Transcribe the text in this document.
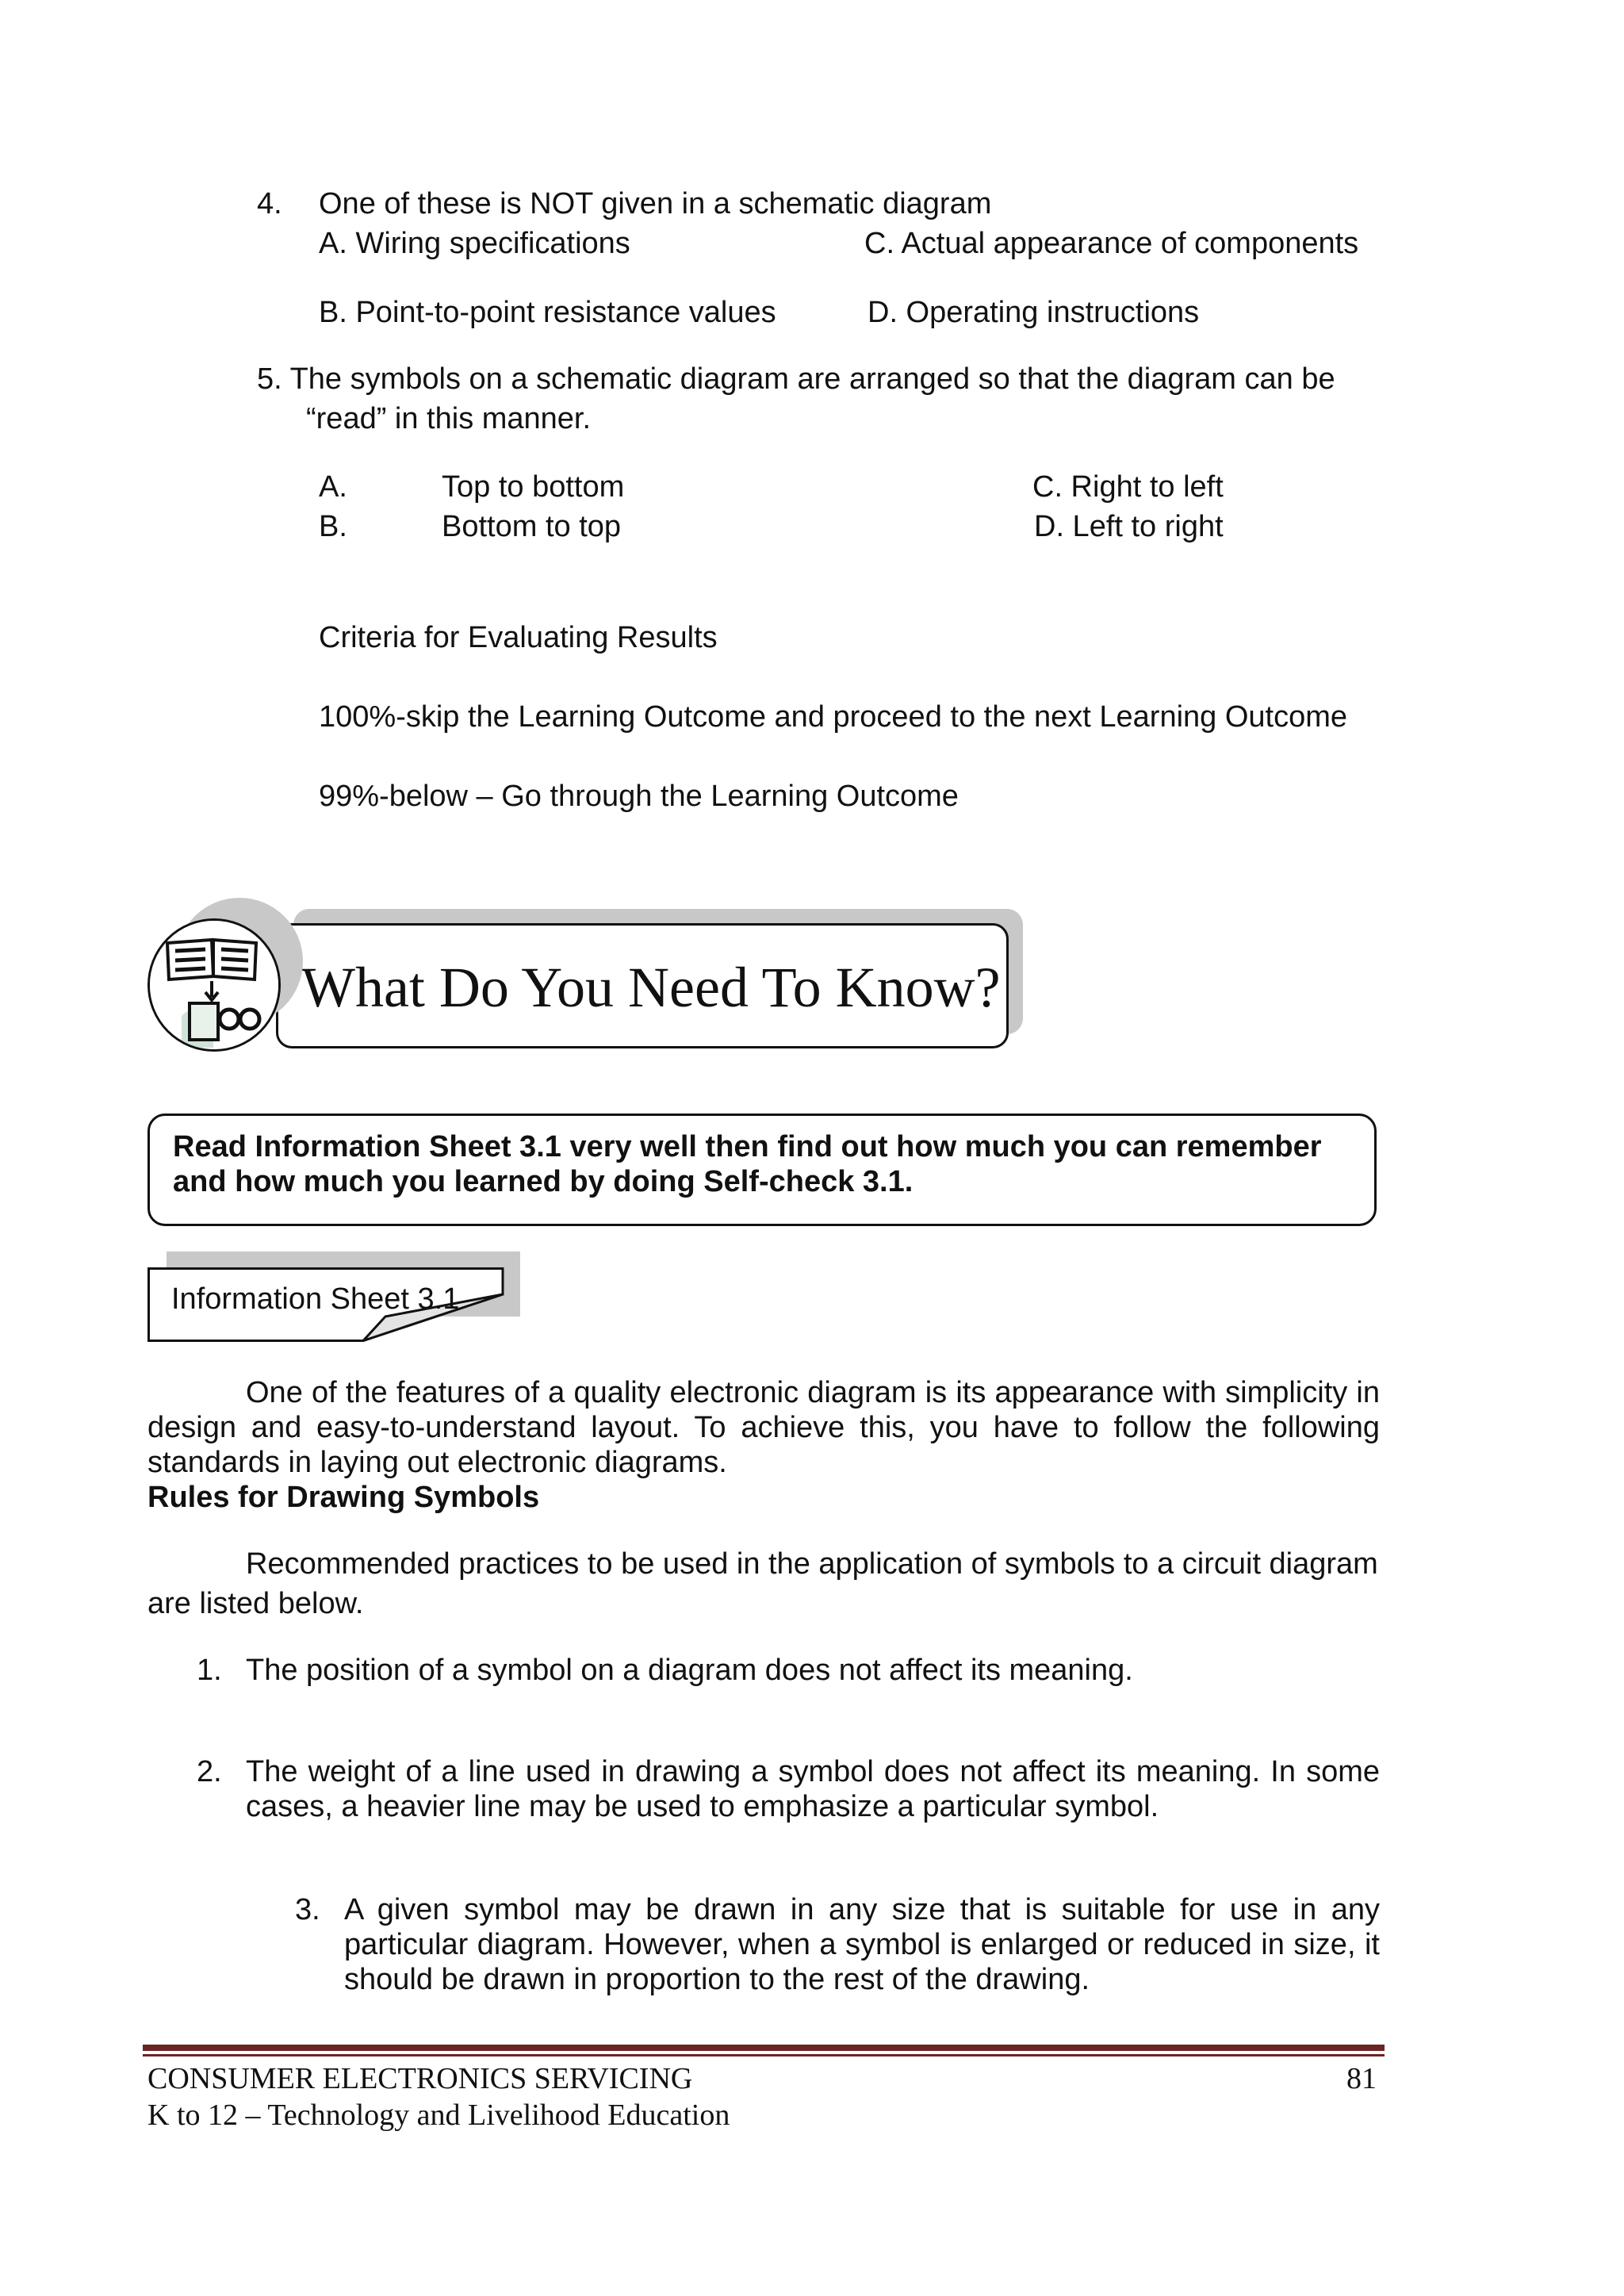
4. One of these is NOT given in a schematic diagram
A. Wiring specifications	C. Actual appearance of components
B. Point-to-point resistance values	D. Operating instructions
5. The symbols on a schematic diagram are arranged so that the diagram can be
“read” in this manner.
A.	Top to bottom	C. Right to left
B.	Bottom to top	D. Left to right
Criteria for Evaluating Results
100%-skip the Learning Outcome and proceed to the next Learning Outcome
99%-below – Go through the Learning Outcome
What Do You Need To Know?
Read Information Sheet 3.1 very well then find out how much you can remember
and how much you learned by doing Self-check 3.1.
Information Sheet 3.1
One of the features of a quality electronic diagram is its appearance with simplicity in
design and easy-to-understand layout. To achieve this, you have to follow the following
standards in laying out electronic diagrams.
Rules for Drawing Symbols
Recommended practices to be used in the application of symbols to a circuit diagram
are listed below.
1. The position of a symbol on a diagram does not affect its meaning.
2. The weight of a line used in drawing a symbol does not affect its meaning. In some
cases, a heavier line may be used to emphasize a particular symbol.
3. A given symbol may be drawn in any size that is suitable for use in any
particular diagram. However, when a symbol is enlarged or reduced in size, it
should be drawn in proportion to the rest of the drawing.
CONSUMER ELECTRONICS SERVICING
K to 12 – Technology and Livelihood Education
81
